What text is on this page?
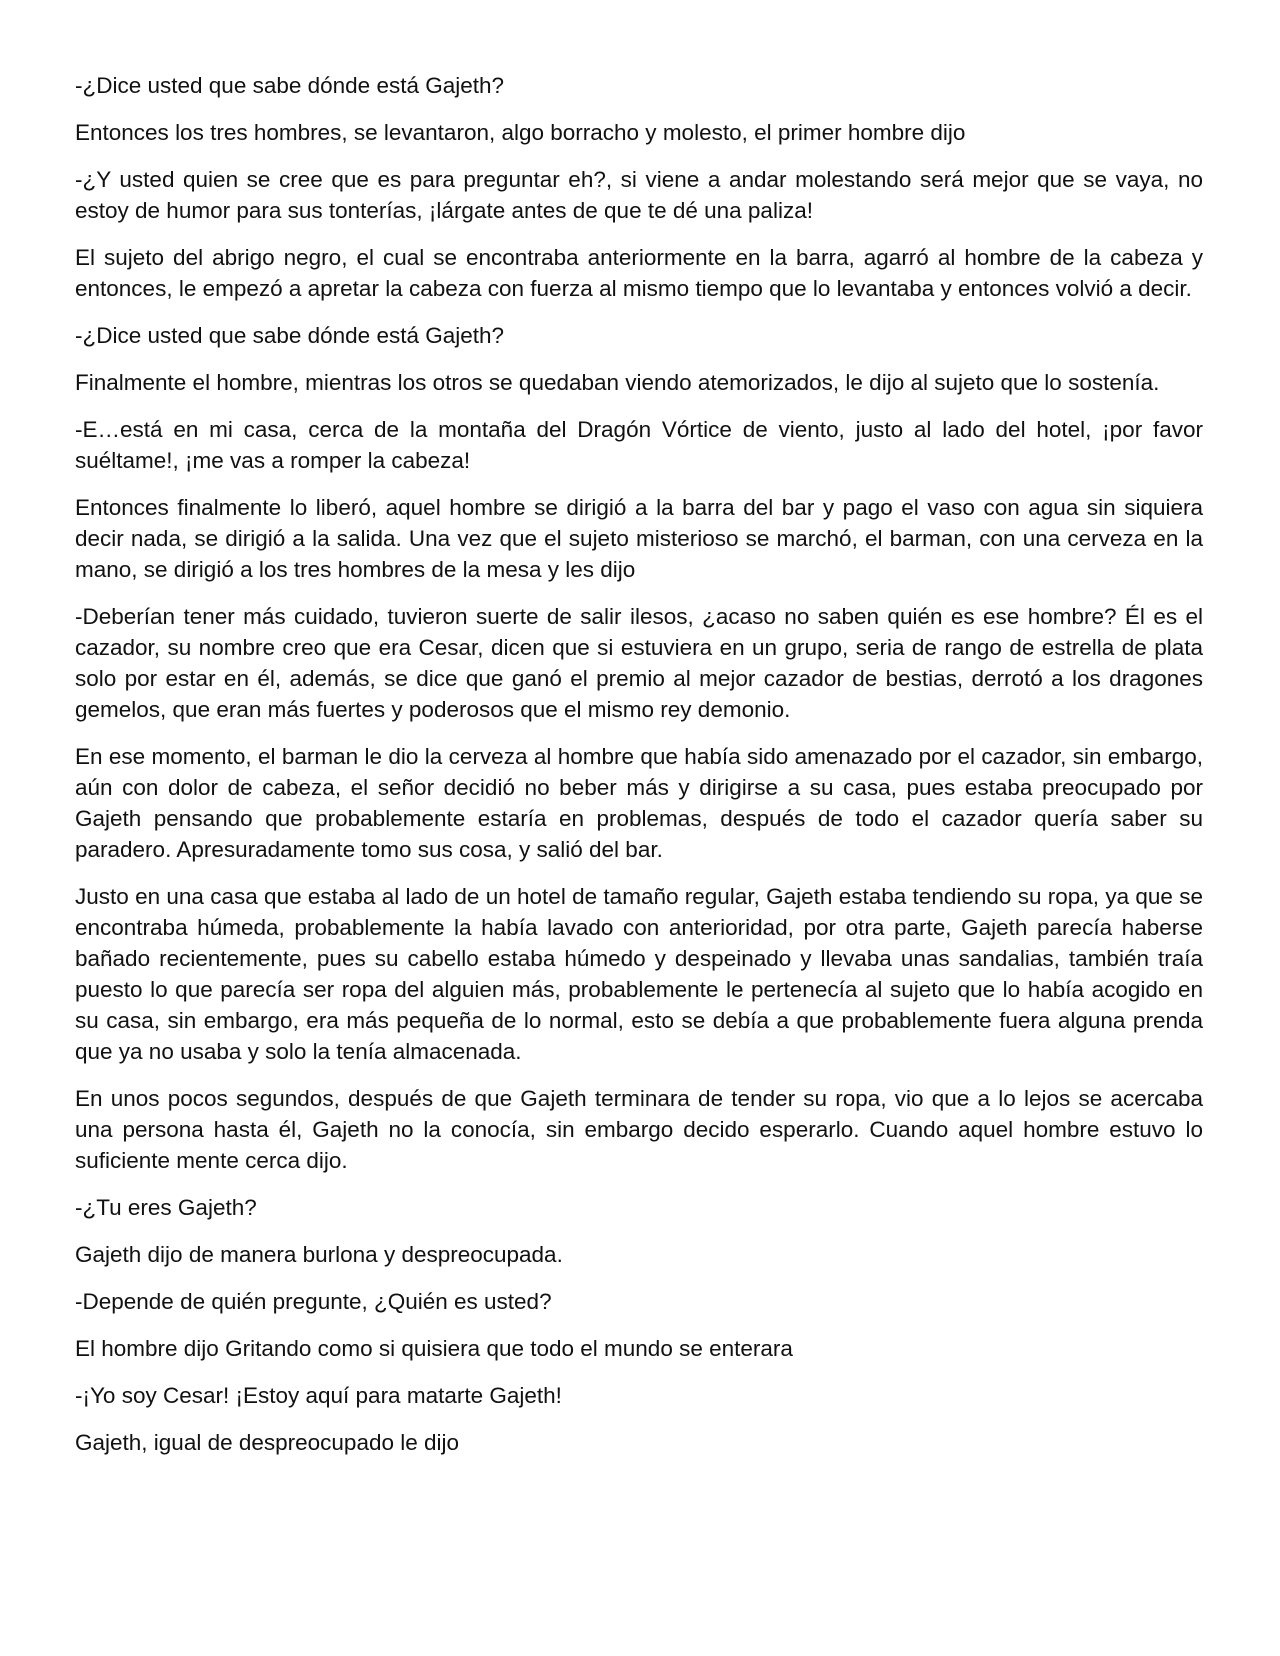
-¿Dice usted que sabe dónde está Gajeth?

Entonces los tres hombres, se levantaron, algo borracho y molesto, el primer hombre dijo

-¿Y usted quien se cree que es para preguntar eh?, si viene a andar molestando será mejor que se vaya, no estoy de humor para sus tonterías, ¡lárgate antes de que te dé una paliza!

El sujeto del abrigo negro, el cual se encontraba anteriormente en la barra, agarró al hombre de la cabeza y entonces, le empezó a apretar la cabeza con fuerza al mismo tiempo que lo levantaba y entonces volvió a decir.

-¿Dice usted que sabe dónde está Gajeth?

Finalmente el hombre, mientras los otros se quedaban viendo atemorizados, le dijo al sujeto que lo sostenía.

-E…está en mi casa, cerca de la montaña del Dragón Vórtice de viento, justo al lado del hotel, ¡por favor suéltame!, ¡me vas a romper la cabeza!

Entonces finalmente lo liberó, aquel hombre se dirigió a la barra del bar y pago el vaso con agua sin siquiera decir nada, se dirigió a la salida. Una vez que el sujeto misterioso se marchó, el barman, con una cerveza en la mano, se dirigió a los tres hombres de la mesa y les dijo

-Deberían tener más cuidado, tuvieron suerte de salir ilesos, ¿acaso no saben quién es ese hombre? Él es el cazador, su nombre creo que era Cesar, dicen que si estuviera en un grupo, seria de rango de estrella de plata solo por estar en él, además, se dice que ganó el premio al mejor cazador de bestias, derrotó a los dragones gemelos, que eran más fuertes y poderosos que el mismo rey demonio.

En ese momento, el barman le dio la cerveza al hombre que había sido amenazado por el cazador, sin embargo, aún con dolor de cabeza, el señor decidió no beber más y dirigirse a su casa, pues estaba preocupado por Gajeth pensando que probablemente estaría en problemas, después de todo el cazador quería saber su paradero. Apresuradamente tomo sus cosa, y salió del bar.

Justo en una casa que estaba al lado de un hotel de tamaño regular, Gajeth estaba tendiendo su ropa, ya que se encontraba húmeda, probablemente la había lavado con anterioridad, por otra parte, Gajeth parecía haberse bañado recientemente, pues su cabello estaba húmedo y despeinado y llevaba unas sandalias, también traía puesto lo que parecía ser ropa del alguien más, probablemente le pertenecía al sujeto que lo había acogido en su casa, sin embargo, era más pequeña de lo normal, esto se debía a que probablemente fuera alguna prenda que ya no usaba y solo la tenía almacenada.

En unos pocos segundos, después de que Gajeth terminara de tender su ropa, vio que a lo lejos se acercaba una persona hasta él, Gajeth no la conocía, sin embargo decido esperarlo. Cuando aquel hombre estuvo lo suficiente mente cerca dijo.

-¿Tu eres Gajeth?

Gajeth dijo de manera burlona y despreocupada.

-Depende de quién pregunte, ¿Quién es usted?

El hombre dijo Gritando como si quisiera que todo el mundo se enterara

-¡Yo soy Cesar! ¡Estoy aquí para matarte Gajeth!

Gajeth, igual de despreocupado le dijo
